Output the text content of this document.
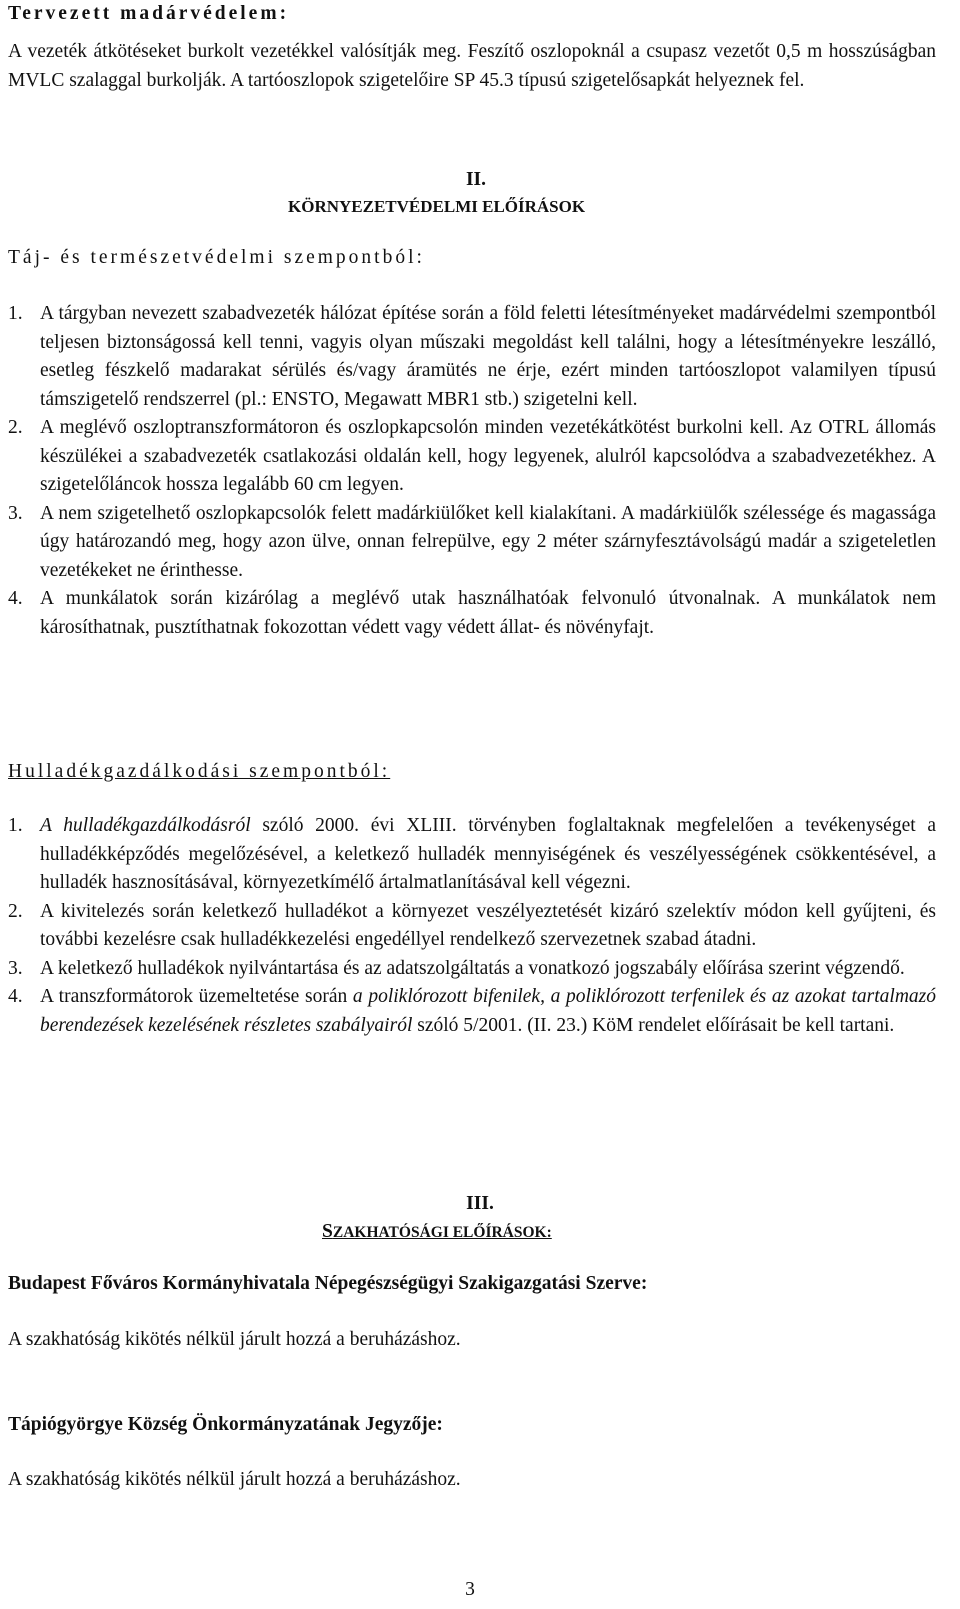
Tervezett madárvédelem:
A vezeték átkötéseket burkolt vezetékkel valósítják meg. Feszítő oszlopoknál a csupasz vezetőt 0,5 m hosszúságban MVLC szalaggal burkolják. A tartóoszlopok szigetelőire SP 45.3 típusú szigetelősapkát helyeznek fel.
II.
KÖRNYEZETVÉDELMI ELŐÍRÁSOK
Táj- és természetvédelmi szempontból:
1. A tárgyban nevezett szabadvezeték hálózat építése során a föld feletti létesítményeket madárvédelmi szempontból teljesen biztonságossá kell tenni, vagyis olyan műszaki megoldást kell találni, hogy a létesítményekre leszálló, esetleg fészkelő madarakat sérülés és/vagy áramütés ne érje, ezért minden tartóoszlopot valamilyen típusú támszigetelő rendszerrel (pl.: ENSTO, Megawatt MBR1 stb.) szigetelni kell.
2. A meglévő oszloptranszformátoron és oszlopkapcsolón minden vezetékátkötést burkolni kell. Az OTRL állomás készülékei a szabadvezeték csatlakozási oldalán kell, hogy legyenek, alulról kapcsolódva a szabadvezetékhez. A szigetelőláncok hossza legalább 60 cm legyen.
3. A nem szigetelhető oszlopkapcsolók felett madárkiülőket kell kialakítani. A madárkiülők szélessége és magassága úgy határozandó meg, hogy azon ülve, onnan felrepülve, egy 2 méter szárnyfesztávolságú madár a szigeteletlen vezetékeket ne érinthesse.
4. A munkálatok során kizárólag a meglévő utak használhatóak felvonuló útvonalnak. A munkálatok nem károsíthatnak, pusztíthatnak fokozottan védett vagy védett állat- és növényfajt.
Hulladékgazdálkodási szempontból:
1. A hulladékgazdálkodásról szóló 2000. évi XLIII. törvényben foglaltaknak megfelelően a tevékenységet a hulladékképződés megelőzésével, a keletkező hulladék mennyiségének és veszélyességének csökkentésével, a hulladék hasznosításával, környezetkímélő ártalmatlanításával kell végezni.
2. A kivitelezés során keletkező hulladékot a környezet veszélyeztetését kizáró szelektív módon kell gyűjteni, és további kezelésre csak hulladékkezelési engedéllyel rendelkező szervezetnek szabad átadni.
3. A keletkező hulladékok nyilvántartása és az adatszolgáltatás a vonatkozó jogszabály előírása szerint végzendő.
4. A transzformátorok üzemeltetése során a poliklórozott bifenilek, a poliklórozott terfenilek és az azokat tartalmazó berendezések kezelésének részletes szabályairól szóló 5/2001. (II. 23.) KöM rendelet előírásait be kell tartani.
III.
SZAKHATÓSÁGI ELŐÍRÁSOK:
Budapest Főváros Kormányhivatala Népegészségügyi Szakigazgatási Szerve:
A szakhatóság kikötés nélkül járult hozzá a beruházáshoz.
Tápiógyörgye Község Önkormányzatának Jegyzője:
A szakhatóság kikötés nélkül járult hozzá a beruházáshoz.
3
